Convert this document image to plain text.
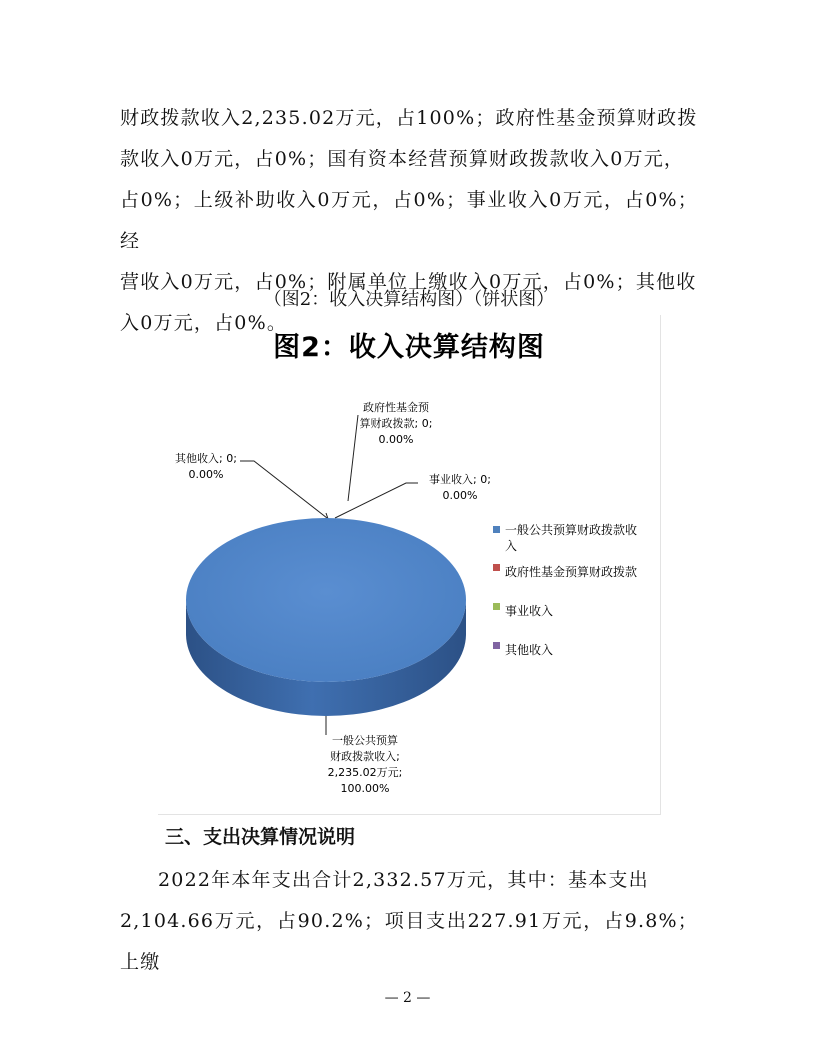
财政拨款收入2,235.02万元，占100%；政府性基金预算财政拨
款收入0万元，占0%；国有资本经营预算财政拨款收入0万元，
占0%；上级补助收入0万元，占0%；事业收入0万元，占0%；经
营收入0万元，占0%；附属单位上缴收入0万元，占0%；其他收
入0万元，占0%。

（图2：收入决算结构图）（饼状图）

图2：收入决算结构图
一般公共预算
财政拨款收入;
2,235.02万元;
100.00%
政府性基金预
算财政拨款; 0;
0.00%
事业收入; 0;
0.00%
其他收入; 0;
0.00%
一般公共预算财政拨款收
入
政府性基金预算财政拨款
事业收入
其他收入

三、支出决算情况说明

2022年本年支出合计2,332.57万元，其中：基本支出
2,104.66万元，占90.2%；项目支出227.91万元，占9.8%；上缴

— 2 —
